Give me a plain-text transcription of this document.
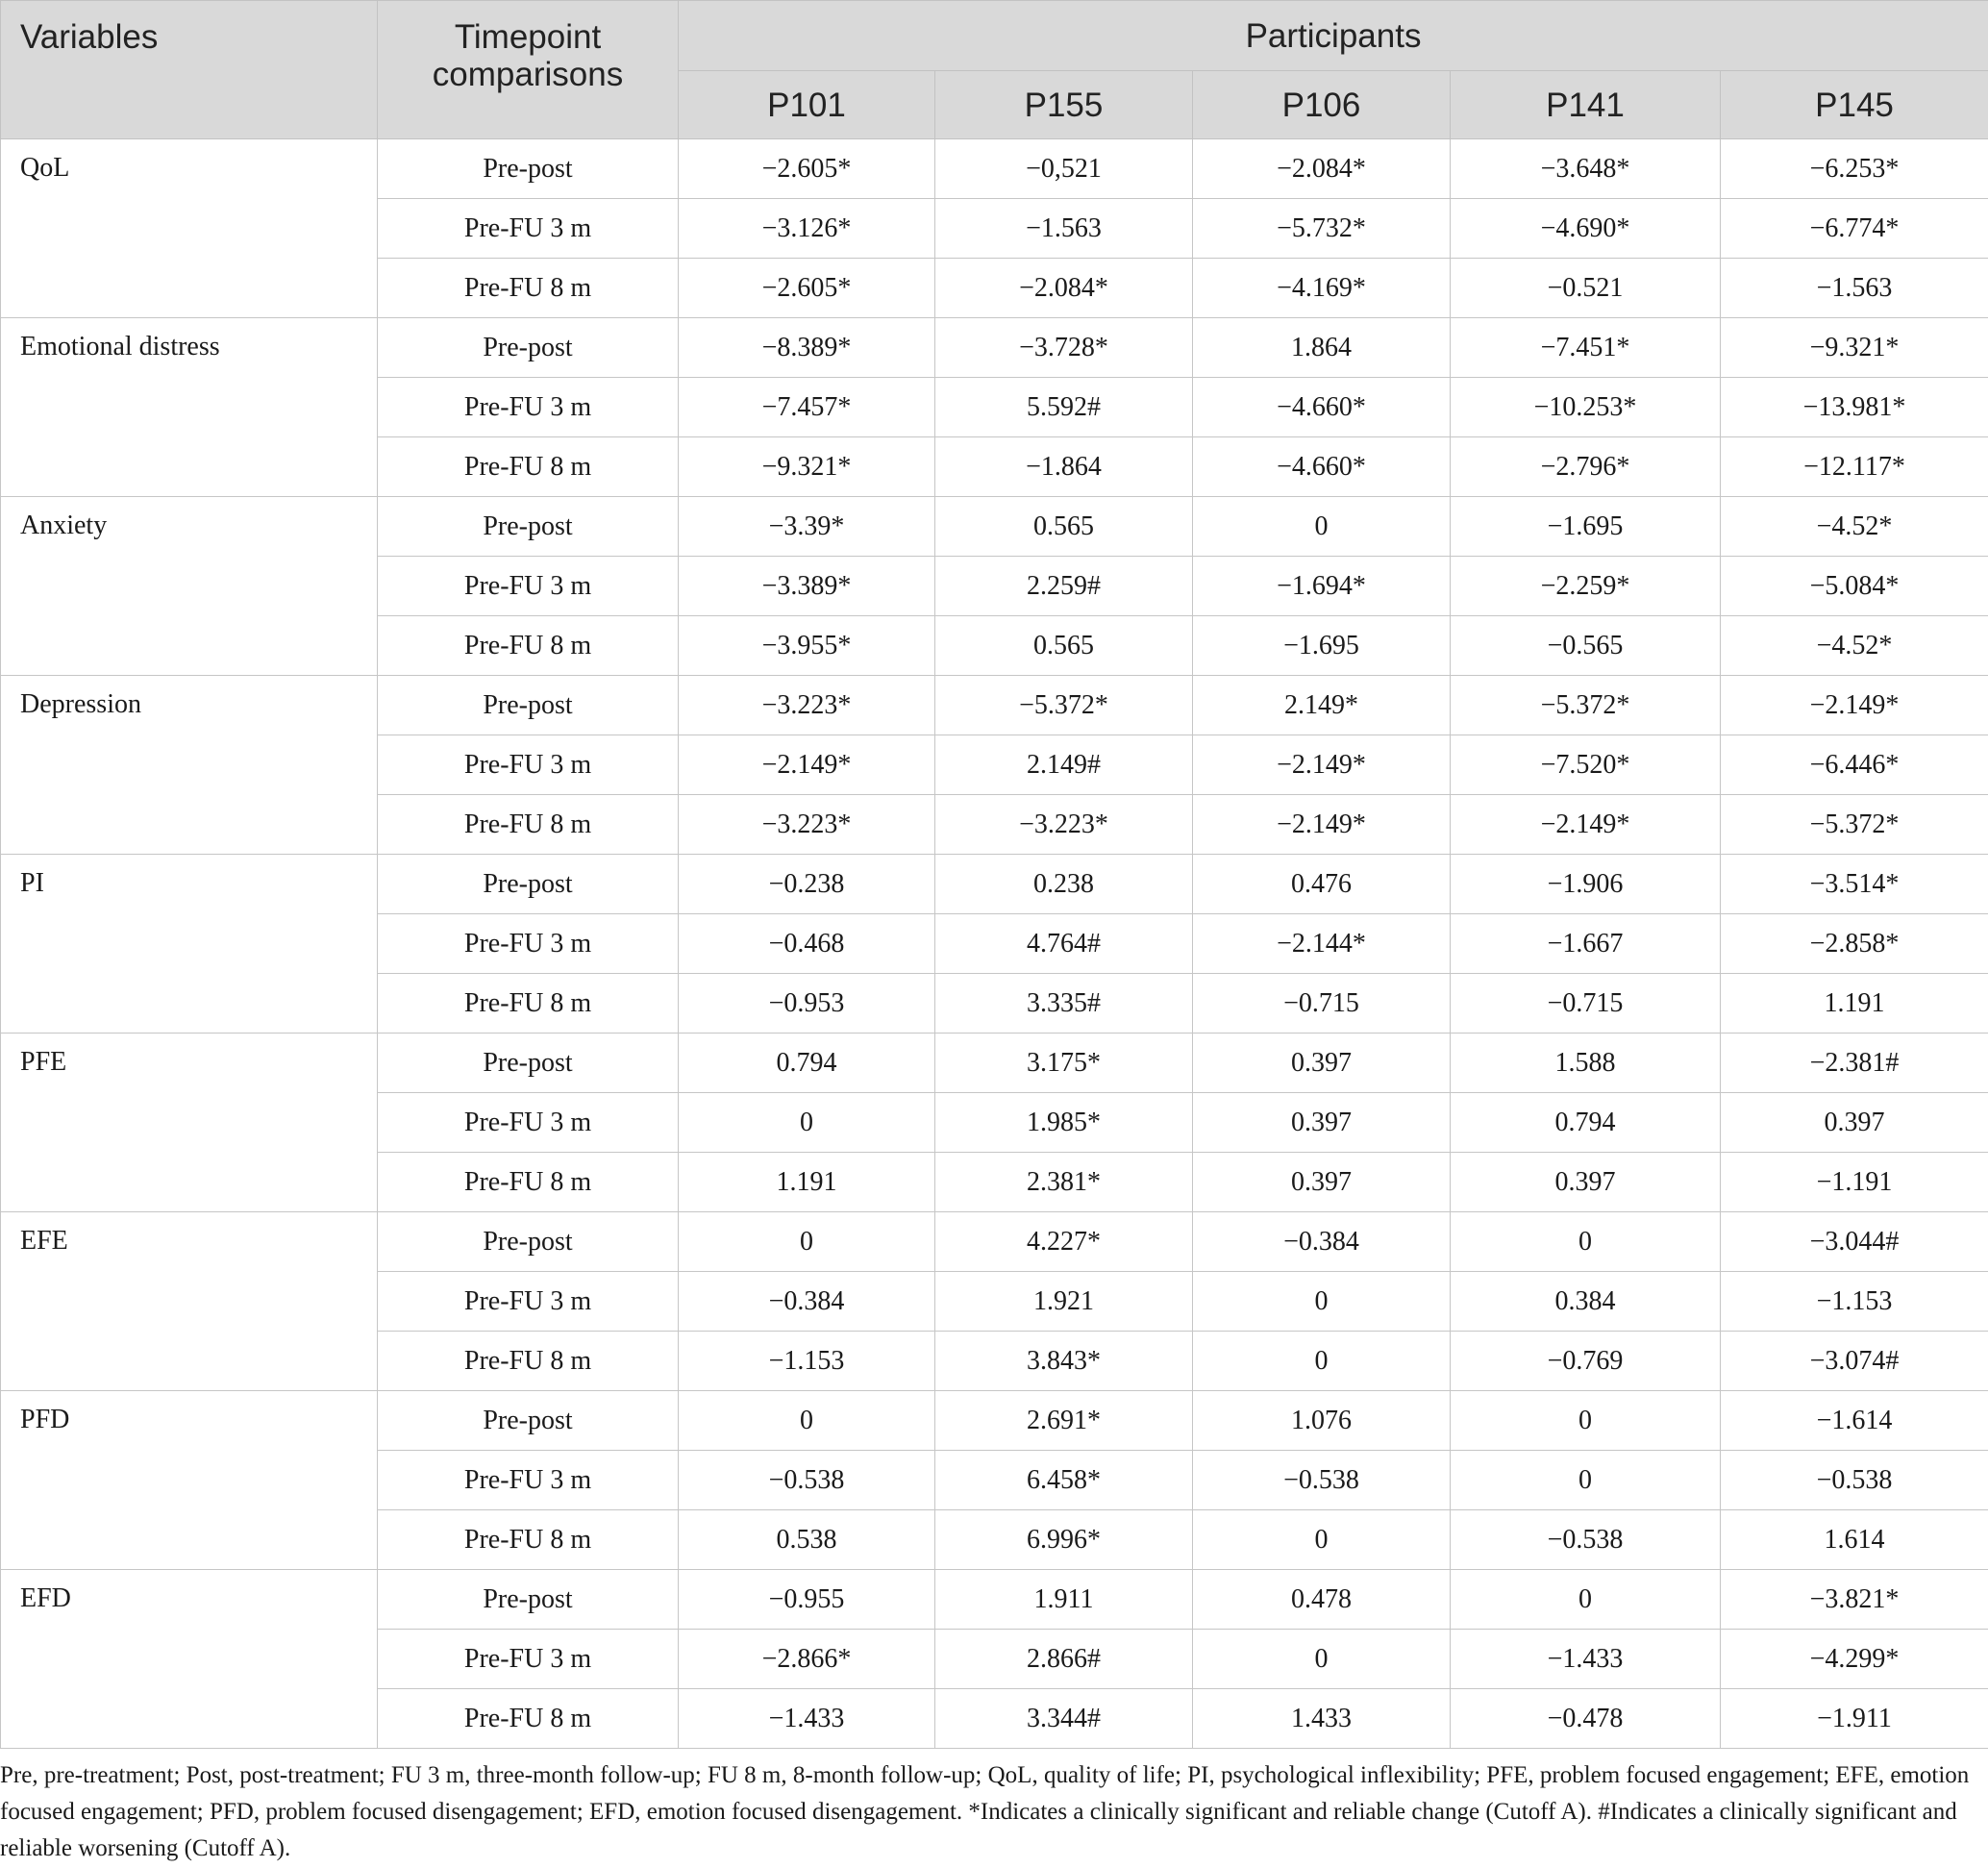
Variables	Timepoint comparisons	Participants				
		P101	P155	P106	P141	P145
QoL	Pre-post	−2.605*	−0,521	−2.084*	−3.648*	−6.253*
	Pre-FU 3 m	−3.126*	−1.563	−5.732*	−4.690*	−6.774*
	Pre-FU 8 m	−2.605*	−2.084*	−4.169*	−0.521	−1.563
Emotional distress	Pre-post	−8.389*	−3.728*	1.864	−7.451*	−9.321*
	Pre-FU 3 m	−7.457*	5.592#	−4.660*	−10.253*	−13.981*
	Pre-FU 8 m	−9.321*	−1.864	−4.660*	−2.796*	−12.117*
Anxiety	Pre-post	−3.39*	0.565	0	−1.695	−4.52*
	Pre-FU 3 m	−3.389*	2.259#	−1.694*	−2.259*	−5.084*
	Pre-FU 8 m	−3.955*	0.565	−1.695	−0.565	−4.52*
Depression	Pre-post	−3.223*	−5.372*	2.149*	−5.372*	−2.149*
	Pre-FU 3 m	−2.149*	2.149#	−2.149*	−7.520*	−6.446*
	Pre-FU 8 m	−3.223*	−3.223*	−2.149*	−2.149*	−5.372*
PI	Pre-post	−0.238	0.238	0.476	−1.906	−3.514*
	Pre-FU 3 m	−0.468	4.764#	−2.144*	−1.667	−2.858*
	Pre-FU 8 m	−0.953	3.335#	−0.715	−0.715	1.191
PFE	Pre-post	0.794	3.175*	0.397	1.588	−2.381#
	Pre-FU 3 m	0	1.985*	0.397	0.794	0.397
	Pre-FU 8 m	1.191	2.381*	0.397	0.397	−1.191
EFE	Pre-post	0	4.227*	−0.384	0	−3.044#
	Pre-FU 3 m	−0.384	1.921	0	0.384	−1.153
	Pre-FU 8 m	−1.153	3.843*	0	−0.769	−3.074#
PFD	Pre-post	0	2.691*	1.076	0	−1.614
	Pre-FU 3 m	−0.538	6.458*	−0.538	0	−0.538
	Pre-FU 8 m	0.538	6.996*	0	−0.538	1.614
EFD	Pre-post	−0.955	1.911	0.478	0	−3.821*
	Pre-FU 3 m	−2.866*	2.866#	0	−1.433	−4.299*
	Pre-FU 8 m	−1.433	3.344#	1.433	−0.478	−1.911
Pre, pre-treatment; Post, post-treatment; FU 3 m, three-month follow-up; FU 8 m, 8-month follow-up; QoL, quality of life; PI, psychological inflexibility; PFE, problem focused engagement; EFE, emotion focused engagement; PFD, problem focused disengagement; EFD, emotion focused disengagement. *Indicates a clinically significant and reliable change (Cutoff A). #Indicates a clinically significant and reliable worsening (Cutoff A).
